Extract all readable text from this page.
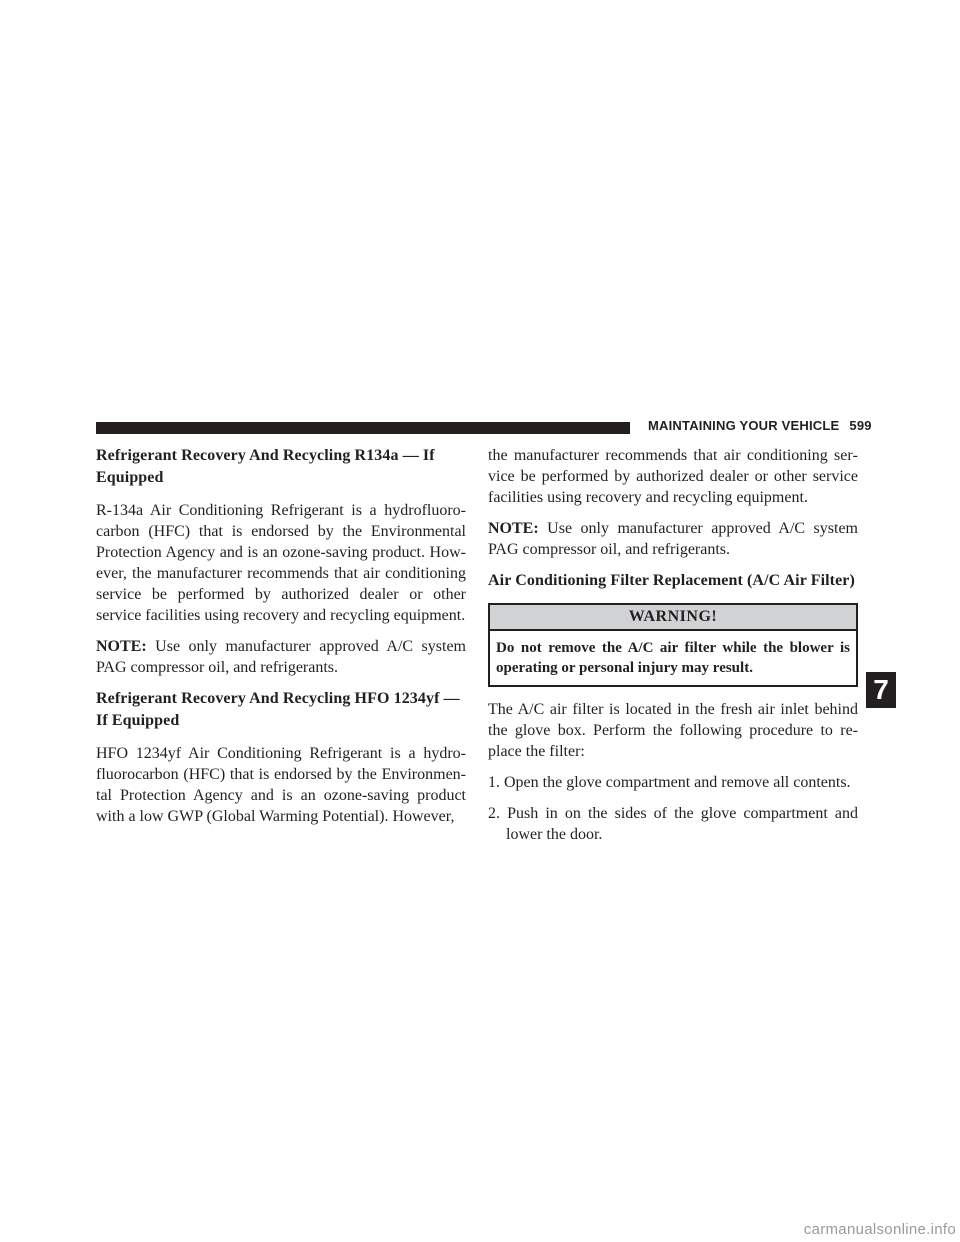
MAINTAINING YOUR VEHICLE 599
Refrigerant Recovery And Recycling R134a — If Equipped

R-134a Air Conditioning Refrigerant is a hydrofluorocarbon (HFC) that is endorsed by the Environmental Protection Agency and is an ozone-saving product. However, the manufacturer recommends that air conditioning service be performed by authorized dealer or other service facilities using recovery and recycling equipment.

NOTE: Use only manufacturer approved A/C system PAG compressor oil, and refrigerants.

Refrigerant Recovery And Recycling HFO 1234yf — If Equipped

HFO 1234yf Air Conditioning Refrigerant is a hydrofluorocarbon (HFC) that is endorsed by the Environmental Protection Agency and is an ozone-saving product with a low GWP (Global Warming Potential). However,

the manufacturer recommends that air conditioning service be performed by authorized dealer or other service facilities using recovery and recycling equipment.

NOTE: Use only manufacturer approved A/C system PAG compressor oil, and refrigerants.

Air Conditioning Filter Replacement (A/C Air Filter)
WARNING!
Do not remove the A/C air filter while the blower is operating or personal injury may result.

The A/C air filter is located in the fresh air inlet behind the glove box. Perform the following procedure to replace the filter:

1. Open the glove compartment and remove all contents.
2. Push in on the sides of the glove compartment and lower the door.
7
carmanualsonline.info
